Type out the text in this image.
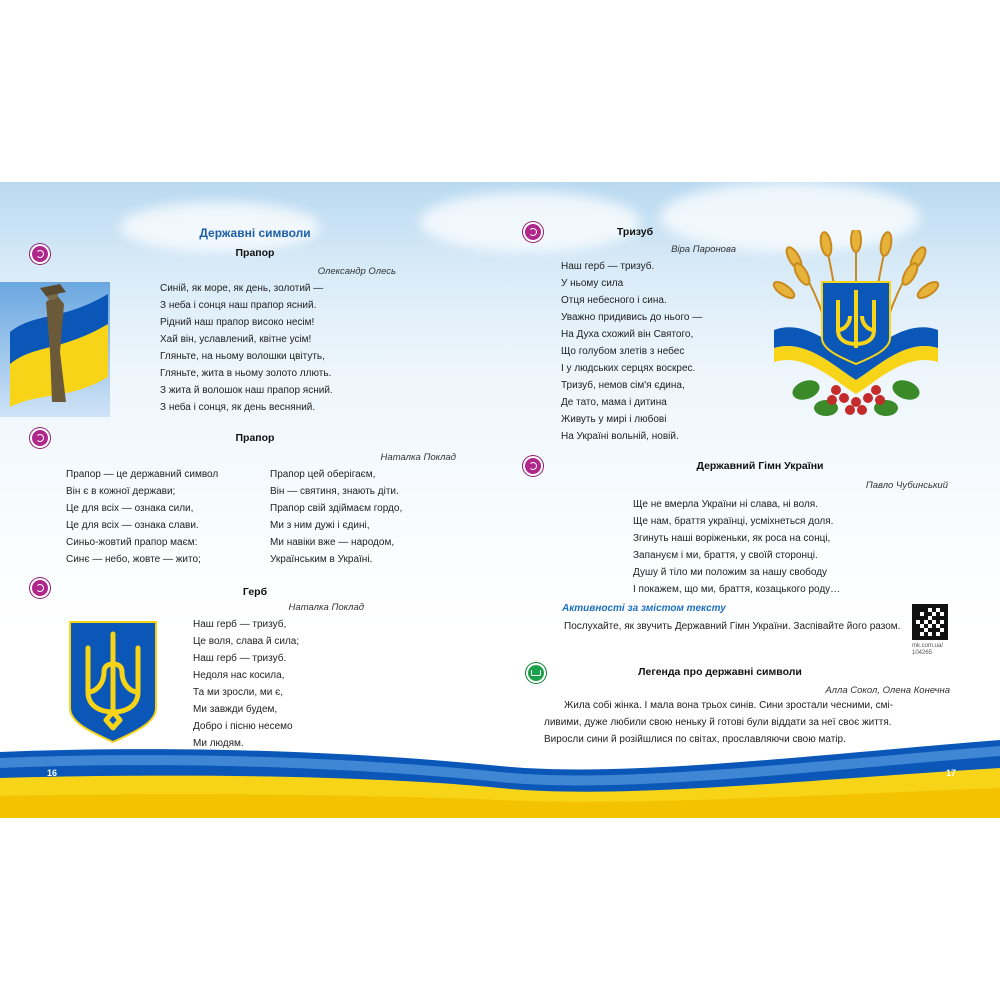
16	17
Державні символи
Прапор
Олександр Олесь
Синій, як море, як день, золотий —
З неба і сонця наш прапор ясний.
Рідний наш прапор високо несім!
Хай він, уславлений, квітне усім!
Гляньте, на ньому волошки цвітуть,
Гляньте, жита в ньому золото ллють.
З жита й волошок наш прапор ясний.
З неба і сонця, як день весняний.
Прапор
Наталка Поклад
Прапор — це державний символ
Він є в кожної держави;
Це для всіх — ознака сили,
Це для всіх — ознака слави.
Синьо-жовтий прапор маєм:
Синє — небо, жовте — жито;
Прапор цей оберігаєм,
Він — святиня, знають діти.
Прапор свій здіймаєм гордо,
Ми з ним дужі і єдині,
Ми навіки вже — народом,
Українським в Україні.
Герб
Наталка Поклад
Наш герб — тризуб,
Це воля, слава й сила;
Наш герб — тризуб.
Недоля нас косила,
Та ми зросли, ми є,
Ми завжди будем,
Добро і пісню несемо
Ми людям.
Тризуб
Віра Паронова
Наш герб — тризуб.
У ньому сила
Отця небесного і сина.
Уважно придивись до нього —
На Духа схожий він Святого,
Що голубом злетів з небес
І у людських серцях воскрес.
Тризуб, немов сім'я єдина,
Де тато, мама і дитина
Живуть у мирі і любові
На Україні вольній, новій.
Державний Гімн України
Павло Чубинський
Ще не вмерла України ні слава, ні воля.
Ще нам, браття українці, усміхнеться доля.
Згинуть наші воріженьки, як роса на сонці,
Запануєм і ми, браття, у своїй сторонці.
Душу й тіло ми положим за нашу свободу
І покажем, що ми, браття, козацького роду…
Активності за змістом тексту
Послухайте, як звучить Державний Гімн України. Заспівайте його разом.
mk.com.ua/
104265
Легенда про державні символи
Алла Сокол, Олена Конечна
Жила собі жінка. І мала вона трьох синів. Сини зростали чесними, смі-
ливими, дуже любили свою неньку й готові були віддати за неї своє життя.
Виросли сини й розійшлися по світах, прославляючи свою матір.
